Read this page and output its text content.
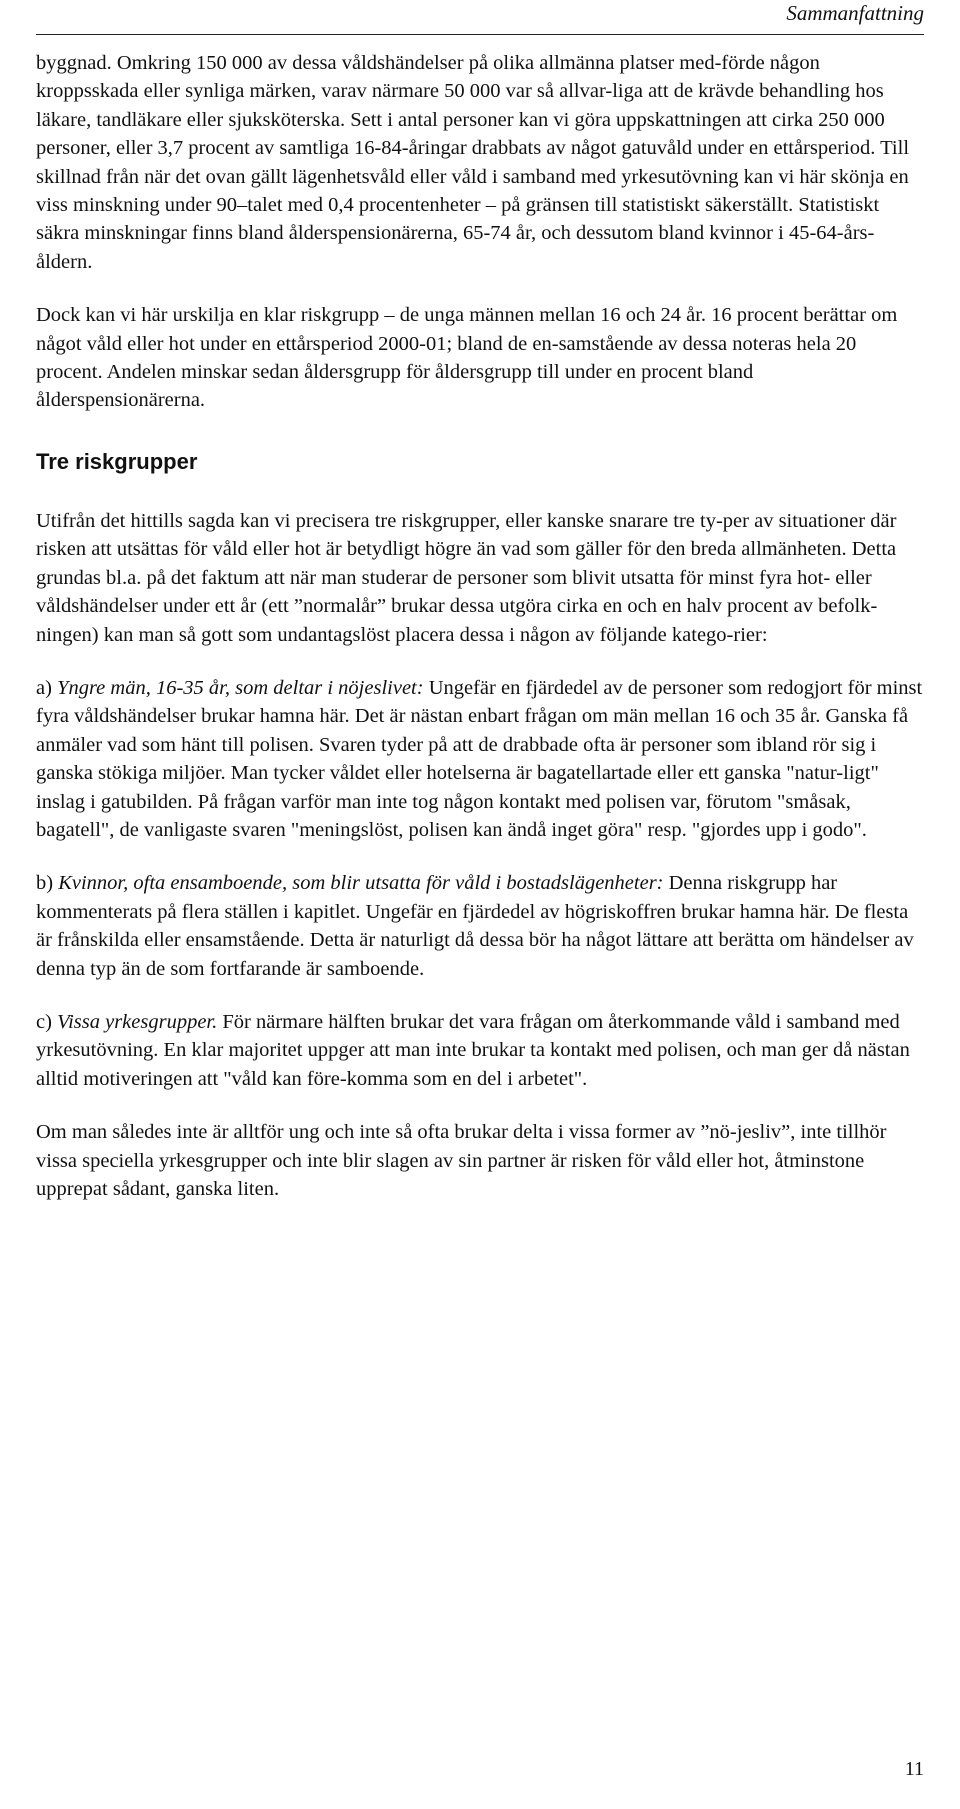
Sammanfattning

byggnad. Omkring 150 000 av dessa våldshändelser på olika allmänna platser med-förde någon kroppsskada eller synliga märken, varav närmare 50 000 var så allvar-liga att de krävde behandling hos läkare, tandläkare eller sjuksköterska. Sett i antal personer kan vi göra uppskattningen att cirka 250 000 personer, eller 3,7 procent av samtliga 16-84-åringar drabbats av något gatuvåld under en ettårsperiod. Till skillnad från när det ovan gällt lägenhetsvåld eller våld i samband med yrkesutövning kan vi här skönja en viss minskning under 90–talet med 0,4 procentenheter – på gränsen till statistiskt säkerställt. Statistiskt säkra minskningar finns bland ålderspensionärerna, 65-74 år, och dessutom bland kvinnor i 45-64-års-åldern.

Dock kan vi här urskilja en klar riskgrupp – de unga männen mellan 16 och 24 år. 16 procent berättar om något våld eller hot under en ettårsperiod 2000-01; bland de en-samstående av dessa noteras hela 20 procent. Andelen minskar sedan åldersgrupp för åldersgrupp till under en procent bland ålderspensionärerna.

Tre riskgrupper

Utifrån det hittills sagda kan vi precisera tre riskgrupper, eller kanske snarare tre ty-per av situationer där risken att utsättas för våld eller hot är betydligt högre än vad som gäller för den breda allmänheten. Detta grundas bl.a. på det faktum att när man studerar de personer som blivit utsatta för minst fyra hot- eller våldshändelser under ett år (ett ”normalår” brukar dessa utgöra cirka en och en halv procent av befolk-ningen) kan man så gott som undantagslöst placera dessa i någon av följande katego-rier:

a) Yngre män, 16-35 år, som deltar i nöjeslivet: Ungefär en fjärdedel av de personer som redogjort för minst fyra våldshändelser brukar hamna här. Det är nästan enbart frågan om män mellan 16 och 35 år. Ganska få anmäler vad som hänt till polisen. Svaren tyder på att de drabbade ofta är personer som ibland rör sig i ganska stökiga miljöer. Man tycker våldet eller hotelserna är bagatellartade eller ett ganska "natur-ligt" inslag i gatubilden. På frågan varför man inte tog någon kontakt med polisen var, förutom "småsak, bagatell", de vanligaste svaren "meningslöst, polisen kan ändå inget göra" resp. "gjordes upp i godo".

b) Kvinnor, ofta ensamboende, som blir utsatta för våld i bostadslägenheter: Denna riskgrupp har kommenterats på flera ställen i kapitlet. Ungefär en fjärdedel av högriskoffren brukar hamna här. De flesta är frånskilda eller ensamstående. Detta är naturligt då dessa bör ha något lättare att berätta om händelser av denna typ än de som fortfarande är samboende.

c) Vissa yrkesgrupper. För närmare hälften brukar det vara frågan om återkommande våld i samband med yrkesutövning. En klar majoritet uppger att man inte brukar ta kontakt med polisen, och man ger då nästan alltid motiveringen att "våld kan före-komma som en del i arbetet".

Om man således inte är alltför ung och inte så ofta brukar delta i vissa former av ”nö-jesliv”, inte tillhör vissa speciella yrkesgrupper och inte blir slagen av sin partner är risken för våld eller hot, åtminstone upprepat sådant, ganska liten.

11
